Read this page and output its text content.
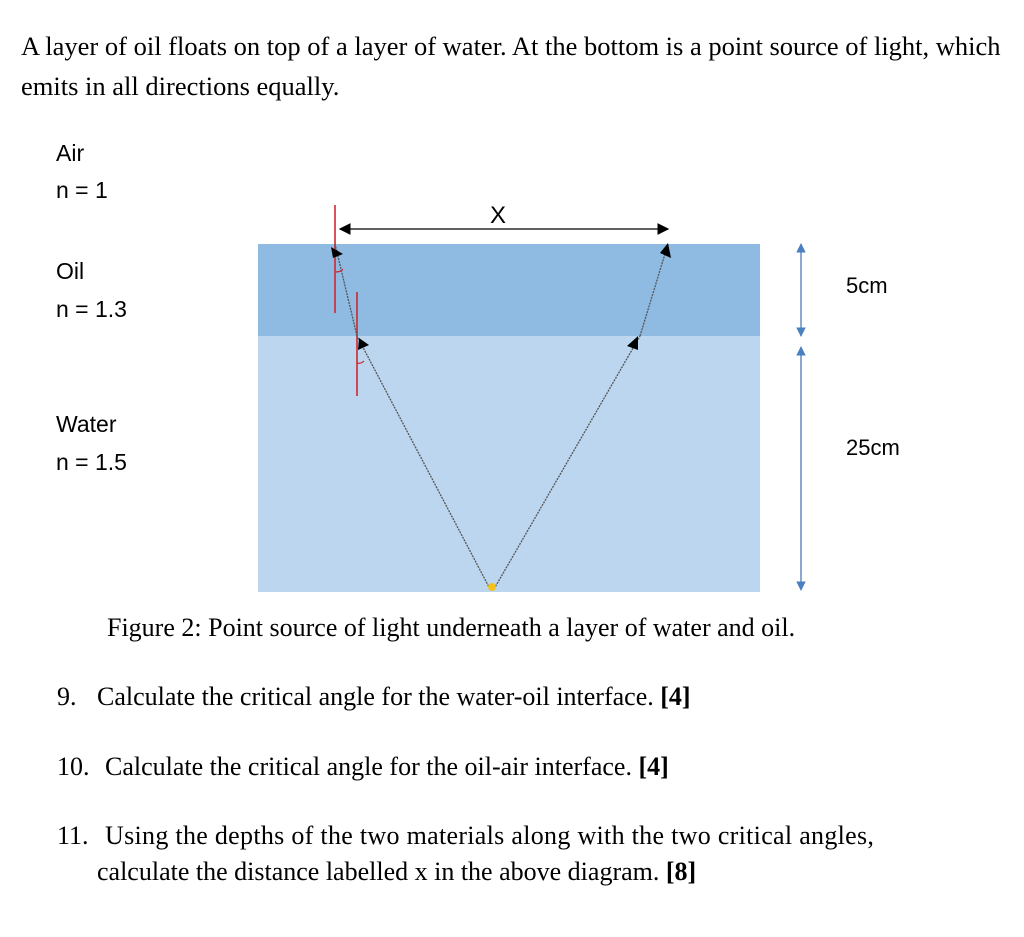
A layer of oil floats on top of a layer of water. At the bottom is a point source of light, which emits in all directions equally.

Air
n = 1
Oil
n = 1.3
Water
n = 1.5
X
5cm
25cm

Figure 2: Point source of light underneath a layer of water and oil.

9. Calculate the critical angle for the water-oil interface. [4]

10. Calculate the critical angle for the oil-air interface. [4]

11. Using the depths of the two materials along with the two critical angles,
calculate the distance labelled x in the above diagram. [8]
